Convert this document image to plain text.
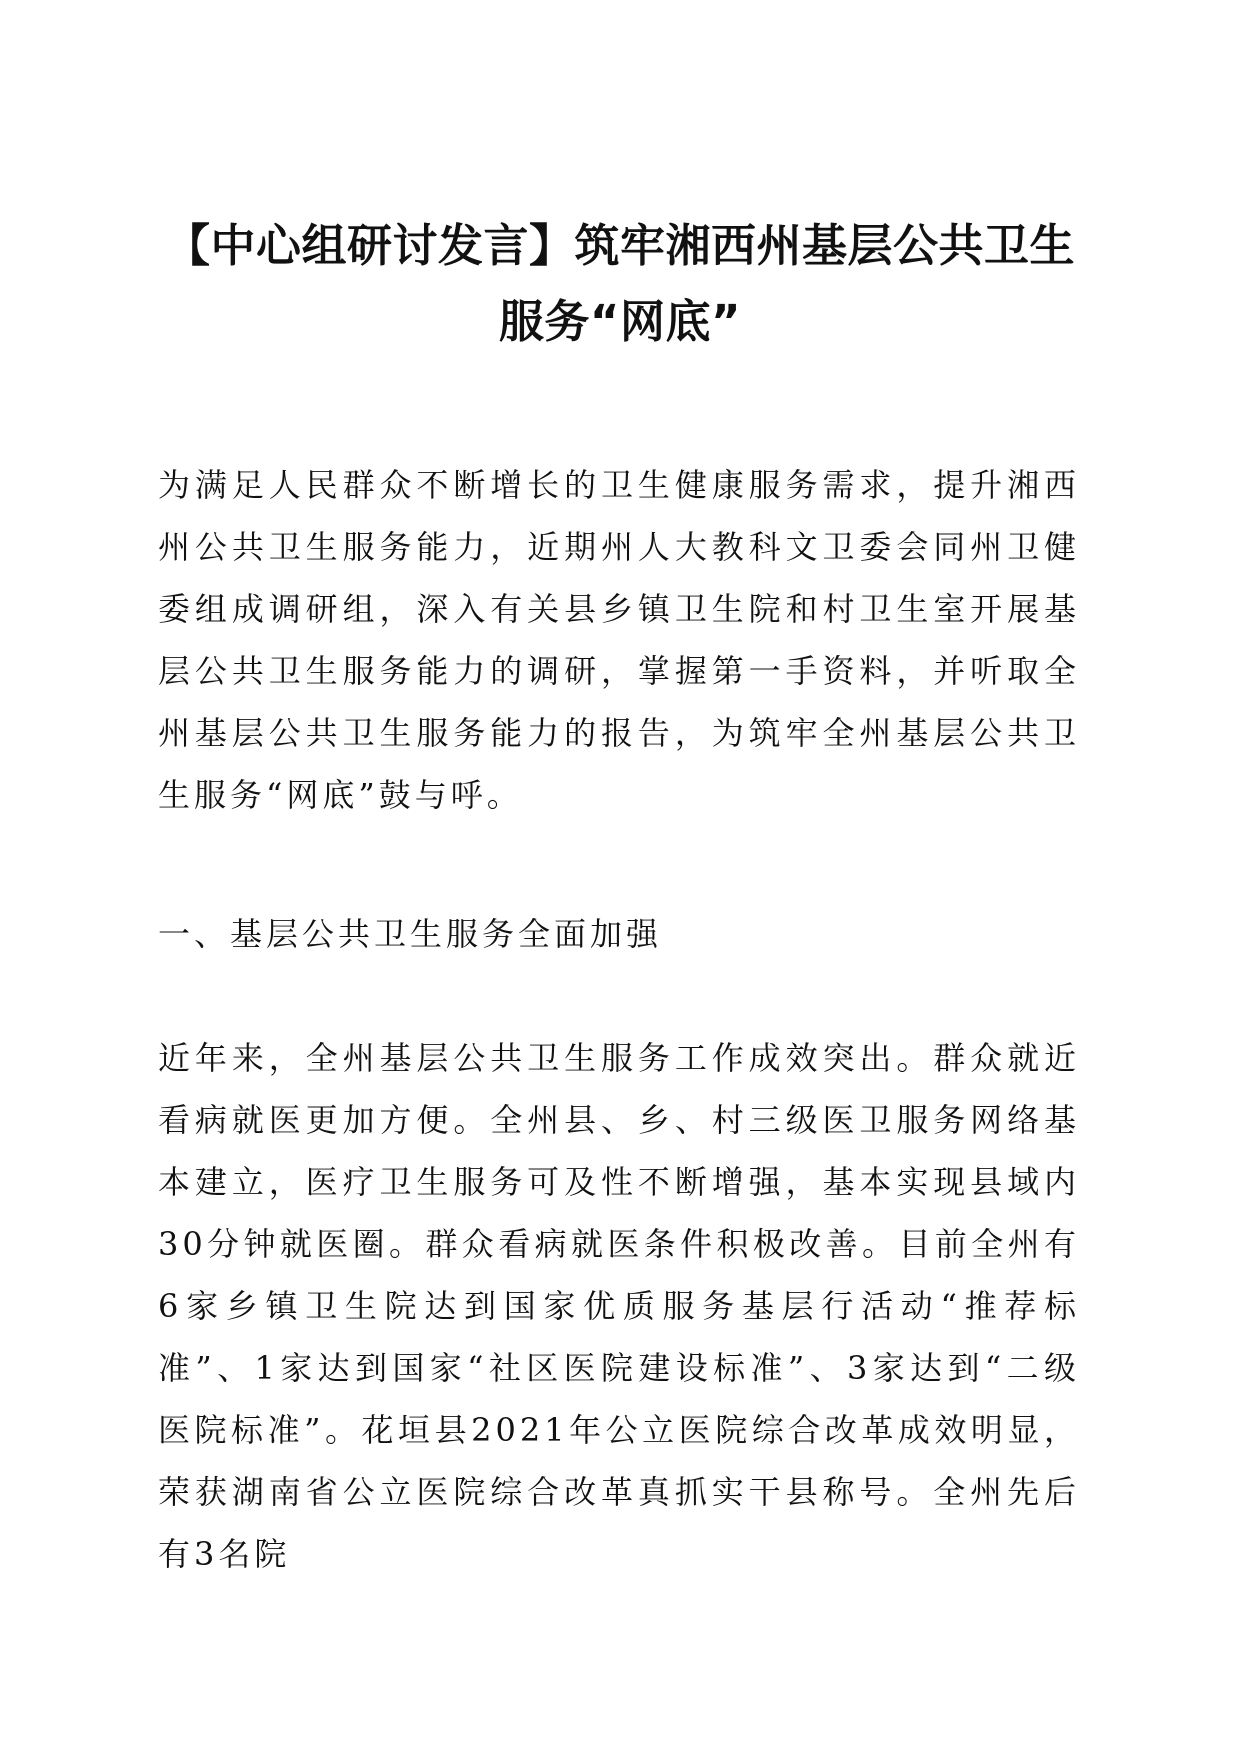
【中心组研讨发言】筑牢湘西州基层公共卫生
服务“网底”

为满足人民群众不断增长的卫生健康服务需求，提升湘西州公共卫生服务能力，近期州人大教科文卫委会同州卫健委组成调研组，深入有关县乡镇卫生院和村卫生室开展基层公共卫生服务能力的调研，掌握第一手资料，并听取全州基层公共卫生服务能力的报告，为筑牢全州基层公共卫生服务“网底”鼓与呼。

一、基层公共卫生服务全面加强

近年来，全州基层公共卫生服务工作成效突出。群众就近看病就医更加方便。全州县、乡、村三级医卫服务网络基本建立，医疗卫生服务可及性不断增强，基本实现县域内30分钟就医圈。群众看病就医条件积极改善。目前全州有6家乡镇卫生院达到国家优质服务基层行活动“推荐标准”、1家达到国家“社区医院建设标准”、3家达到“二级医院标准”。花垣县2021年公立医院综合改革成效明显，荣获湖南省公立医院综合改革真抓实干县称号。全州先后有3名院
